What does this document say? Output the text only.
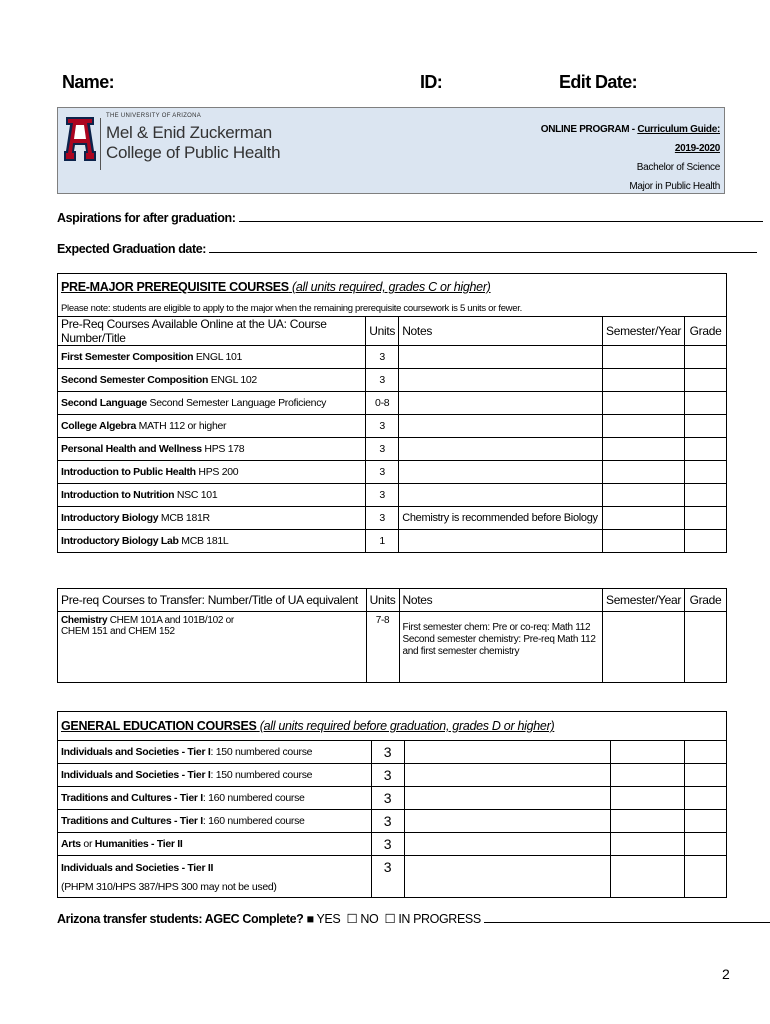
Name:	ID:	Edit Date:
THE UNIVERSITY OF ARIZONA
Mel & Enid Zuckerman
College of Public Health
ONLINE PROGRAM - Curriculum Guide:
2019-2020
Bachelor of Science
Major in Public Health
Aspirations for after graduation:
Expected Graduation date:
PRE-MAJOR PREREQUISITE COURSES (all units required, grades C or higher)				
Please note: students are eligible to apply to the major when the remaining prerequisite coursework is 5 units or fewer.				
Pre-Req Courses Available Online at the UA: Course Number/Title	Units	Notes	Semester/Year	Grade
First Semester Composition ENGL 101	3			
Second Semester Composition ENGL 102	3			
Second Language Second Semester Language Proficiency	0-8			
College Algebra MATH 112 or higher	3			
Personal Health and Wellness HPS 178	3			
Introduction to Public Health HPS 200	3			
Introduction to Nutrition NSC 101	3			
Introductory Biology MCB 181R	3	Chemistry is recommended before Biology		
Introductory Biology Lab MCB 181L	1			
Pre-req Courses to Transfer: Number/Title of UA equivalent	Units	Notes	Semester/Year	Grade
Chemistry CHEM 101A and 101B/102 or
CHEM 151 and CHEM 152	7-8	First semester chem: Pre or co-req: Math 112
Second semester chemistry: Pre-req Math 112 and first semester chemistry		
GENERAL EDUCATION COURSES (all units required before graduation, grades D or higher)				
Individuals and Societies - Tier I: 150 numbered course	3			
Individuals and Societies - Tier I: 150 numbered course	3			
Traditions and Cultures - Tier I: 160 numbered course	3			
Traditions and Cultures - Tier I: 160 numbered course	3			
Arts or Humanities - Tier II	3			
Individuals and Societies - Tier II
(PHPM 310/HPS 387/HPS 300 may not be used)	3			
Arizona transfer students: AGEC Complete? ■ YES ☐ NO ☐ IN PROGRESS
2
